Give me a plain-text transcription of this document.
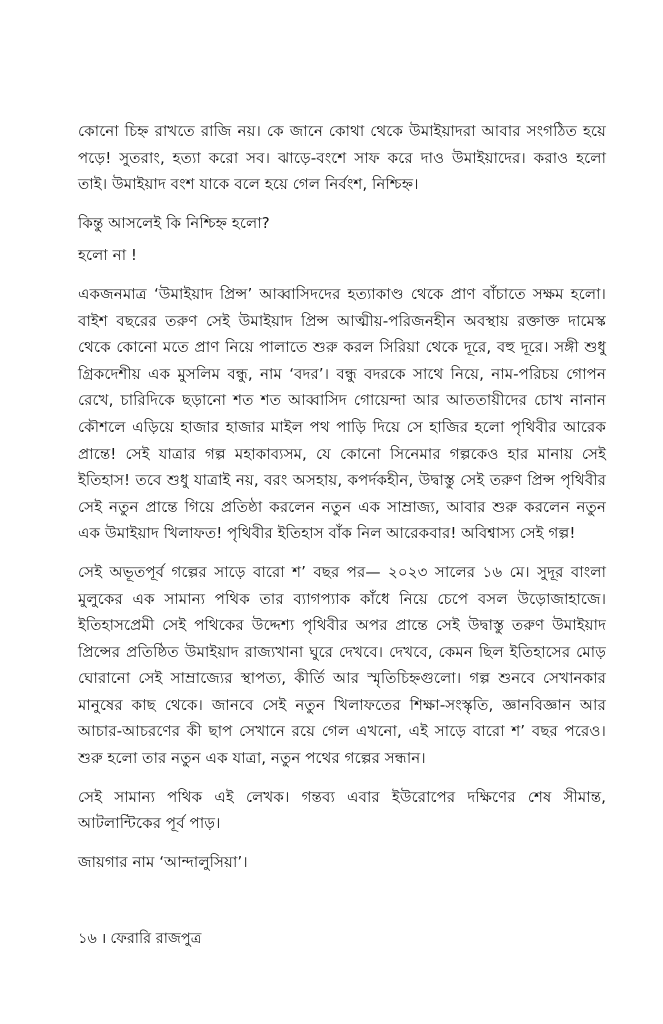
কোনো চিহ্ন রাখতে রাজি নয়। কে জানে কোথা থেকে উমাইয়াদরা আবার সংগঠিত হয়ে পড়ে! সুতরাং, হত্যা করো সব। ঝাড়ে-বংশে সাফ করে দাও উমাইয়াদের। করাও হলো তাই। উমাইয়াদ বংশ যাকে বলে হয়ে গেল নির্বংশ, নিশ্চিহ্ন।

কিন্তু আসলেই কি নিশ্চিহ্ন হলো?

হলো না !

একজনমাত্র ‘উমাইয়াদ প্রিন্স’ আব্বাসিদদের হত্যাকাণ্ড থেকে প্রাণ বাঁচাতে সক্ষম হলো। বাইশ বছরের তরুণ সেই উমাইয়াদ প্রিন্স আত্মীয়-পরিজনহীন অবস্থায় রক্তাক্ত দামেস্ক থেকে কোনো মতে প্রাণ নিয়ে পালাতে শুরু করল সিরিয়া থেকে দূরে, বহু দূরে। সঙ্গী শুধু গ্রিকদেশীয় এক মুসলিম বন্ধু, নাম ‘বদর’। বন্ধু বদরকে সাথে নিয়ে, নাম-পরিচয় গোপন রেখে, চারিদিকে ছড়ানো শত শত আব্বাসিদ গোয়েন্দা আর আততায়ীদের চোখ নানান কৌশলে এড়িয়ে হাজার হাজার মাইল পথ পাড়ি দিয়ে সে হাজির হলো পৃথিবীর আরেক প্রান্তে! সেই যাত্রার গল্প মহাকাব্যসম, যে কোনো সিনেমার গল্পকেও হার মানায় সেই ইতিহাস! তবে শুধু যাত্রাই নয়, বরং অসহায়, কপর্দকহীন, উদ্বাস্তু সেই তরুণ প্রিন্স পৃথিবীর সেই নতুন প্রান্তে গিয়ে প্রতিষ্ঠা করলেন নতুন এক সাম্রাজ্য, আবার শুরু করলেন নতুন এক উমাইয়াদ খিলাফত! পৃথিবীর ইতিহাস বাঁক নিল আরেকবার! অবিশ্বাস্য সেই গল্প!

সেই অভূতপূর্ব গল্পের সাড়ে বারো শ’ বছর পর— ২০২৩ সালের ১৬ মে। সুদূর বাংলা মুলুকের এক সামান্য পথিক তার ব্যাগপ্যাক কাঁধে নিয়ে চেপে বসল উড়োজাহাজে। ইতিহাসপ্রেমী সেই পথিকের উদ্দেশ্য পৃথিবীর অপর প্রান্তে সেই উদ্বাস্তু তরুণ উমাইয়াদ প্রিন্সের প্রতিষ্ঠিত উমাইয়াদ রাজ্যখানা ঘুরে দেখবে। দেখবে, কেমন ছিল ইতিহাসের মোড় ঘোরানো সেই সাম্রাজ্যের স্থাপত্য, কীর্তি আর স্মৃতিচিহ্নগুলো। গল্প শুনবে সেখানকার মানুষের কাছ থেকে। জানবে সেই নতুন খিলাফতের শিক্ষা-সংস্কৃতি, জ্ঞানবিজ্ঞান আর আচার-আচরণের কী ছাপ সেখানে রয়ে গেল এখনো, এই সাড়ে বারো শ’ বছর পরেও। শুরু হলো তার নতুন এক যাত্রা, নতুন পথের গল্পের সন্ধান।

সেই সামান্য পথিক এই লেখক। গন্তব্য এবার ইউরোপের দক্ষিণের শেষ সীমান্ত, আটলান্টিকের পূর্ব পাড়।

জায়গার নাম ‘আন্দালুসিয়া’।

১৬ । ফেরারি রাজপুত্র
